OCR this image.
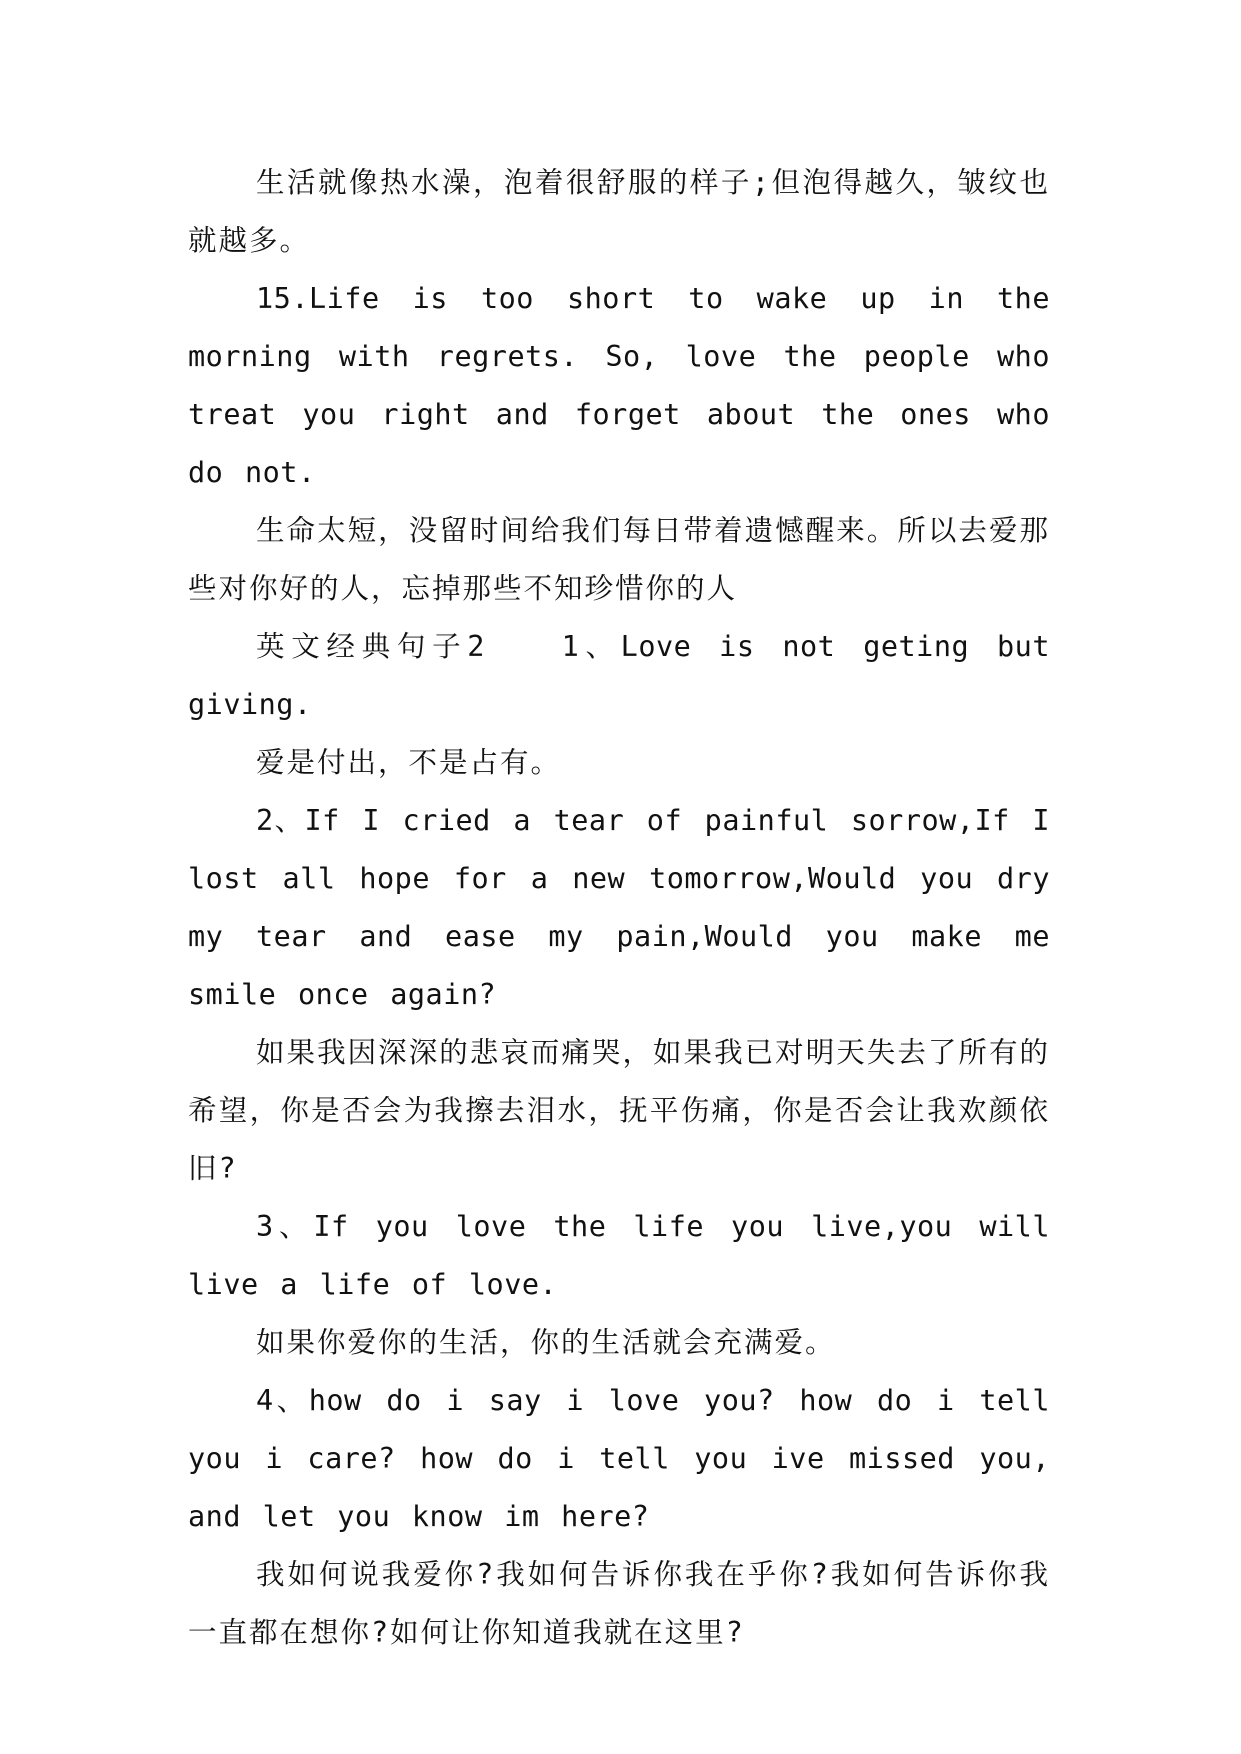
生活就像热水澡，泡着很舒服的样子;但泡得越久，皱纹也就越多。

15.Life is too short to wake up in the morning with regrets. So, love the people who treat you right and forget about the ones who do not.

生命太短，没留时间给我们每日带着遗憾醒来。所以去爱那些对你好的人，忘掉那些不知珍惜你的人

英文经典句子2　　1、Love is not geting but giving.

爱是付出，不是占有。

2、If I cried a tear of painful sorrow,If I lost all hope for a new tomorrow,Would you dry my tear and ease my pain,Would you make me smile once again?

如果我因深深的悲哀而痛哭，如果我已对明天失去了所有的希望，你是否会为我擦去泪水，抚平伤痛，你是否会让我欢颜依旧?

3、If you love the life you live,you will live a life of love.

如果你爱你的生活，你的生活就会充满爱。

4、how do i say i love you? how do i tell you i care? how do i tell you ive missed you, and let you know im here?

我如何说我爱你?我如何告诉你我在乎你?我如何告诉你我一直都在想你?如何让你知道我就在这里?
